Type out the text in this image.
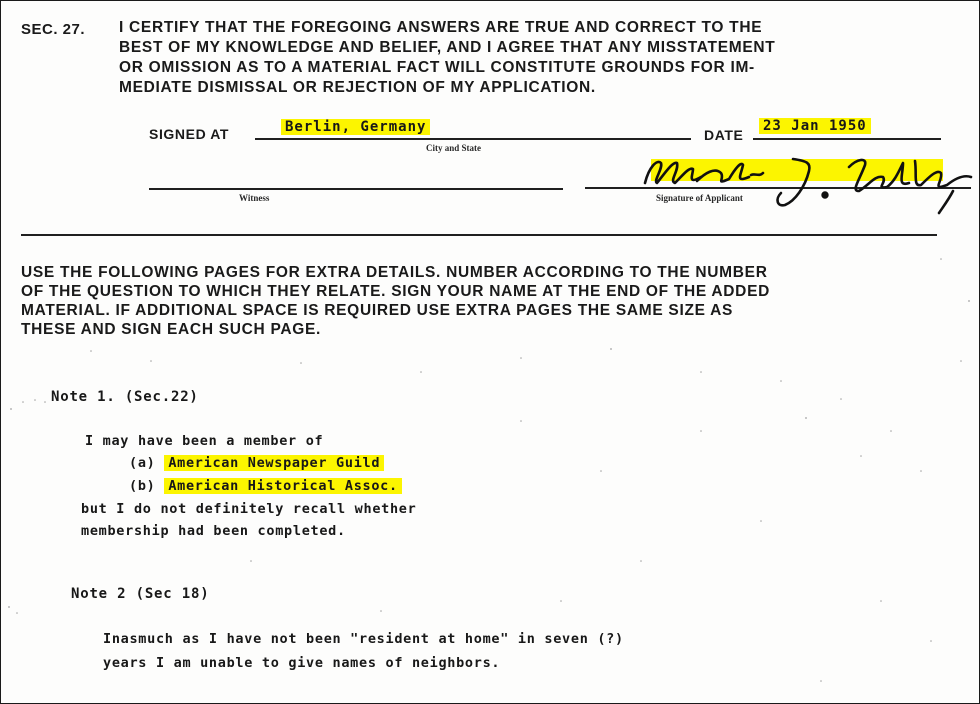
SEC. 27. I CERTIFY THAT THE FOREGOING ANSWERS ARE TRUE AND CORRECT TO THE
BEST OF MY KNOWLEDGE AND BELIEF, AND I AGREE THAT ANY MISSTATEMENT
OR OMISSION AS TO A MATERIAL FACT WILL CONSTITUTE GROUNDS FOR IM-
MEDIATE DISMISSAL OR REJECTION OF MY APPLICATION.

SIGNED AT	Berlin, Germany
City and State
DATE
23 Jan 1950
Witness	Signature of Applicant

USE THE FOLLOWING PAGES FOR EXTRA DETAILS. NUMBER ACCORDING TO THE NUMBER
OF THE QUESTION TO WHICH THEY RELATE. SIGN YOUR NAME AT THE END OF THE ADDED
MATERIAL. IF ADDITIONAL SPACE IS REQUIRED USE EXTRA PAGES THE SAME SIZE AS
THESE AND SIGN EACH SUCH PAGE.

Note 1. (Sec.22)
I may have been a member of
(a) American Newspaper Guild
(b) American Historical Assoc.
but I do not definitely recall whether
membership had been completed.
Note 2 (Sec 18)
Inasmuch as I have not been "resident at home" in seven (?)
years I am unable to give names of neighbors.
